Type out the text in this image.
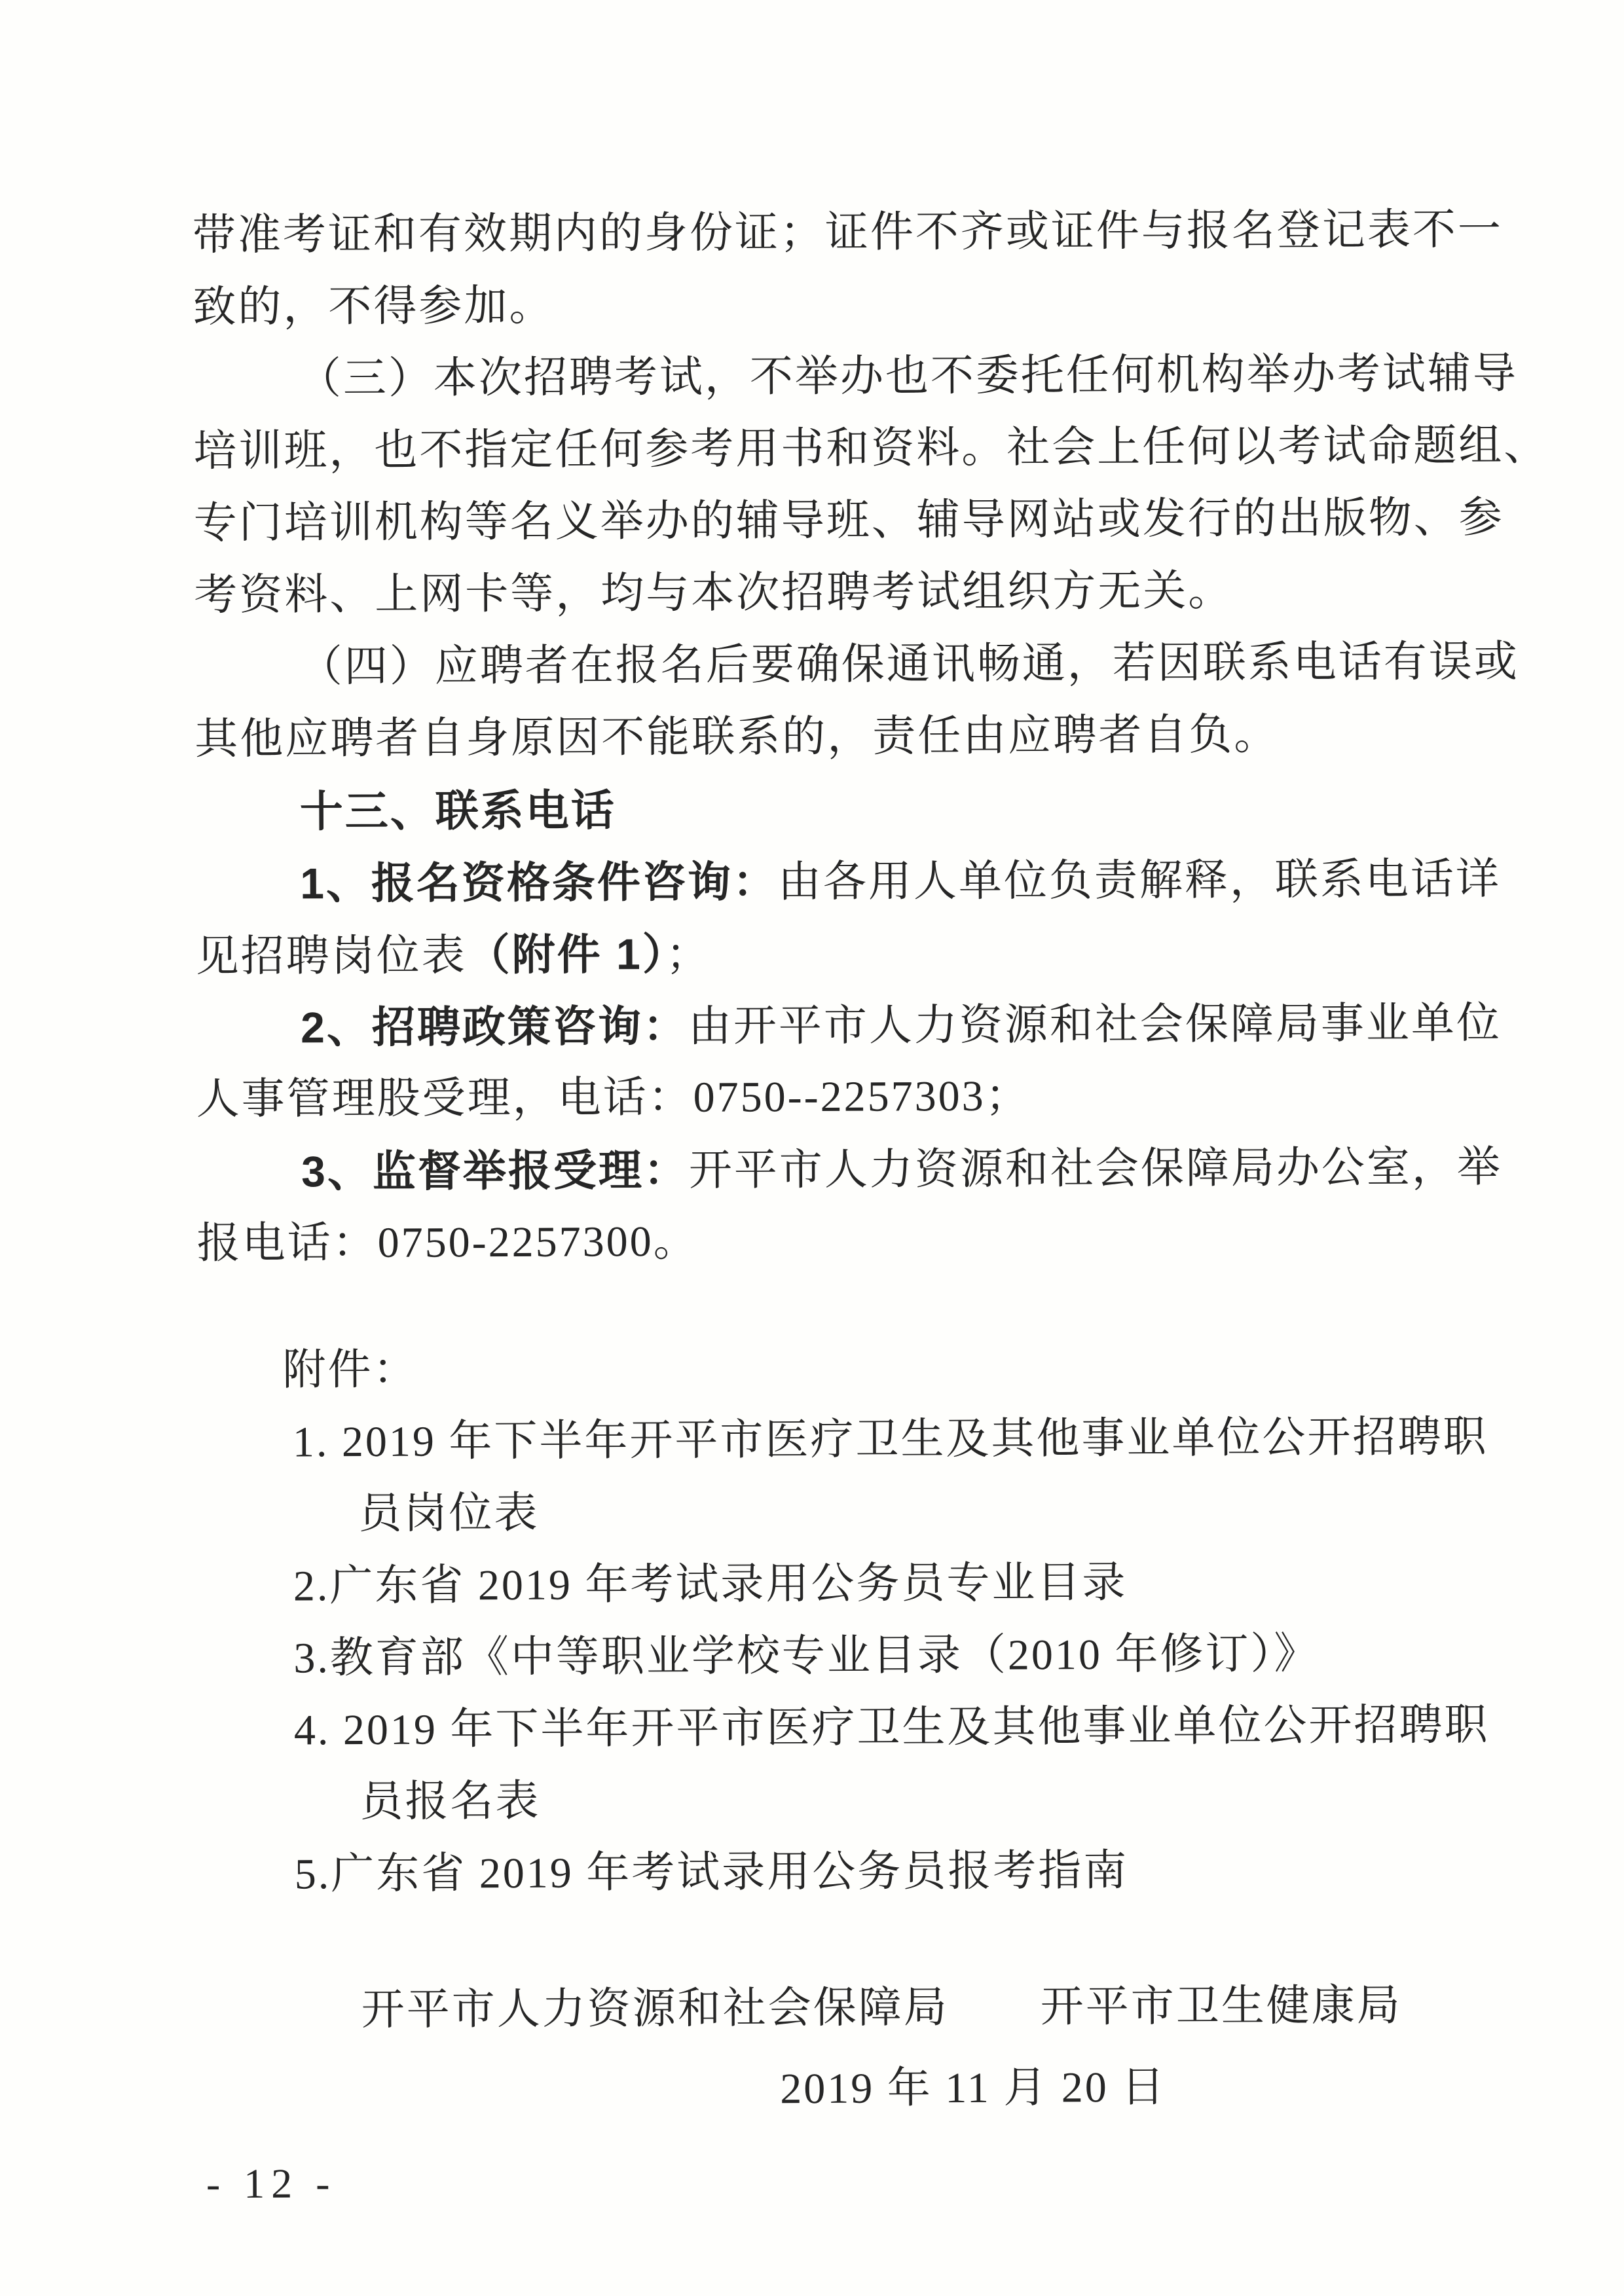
带准考证和有效期内的身份证；证件不齐或证件与报名登记表不一
致的，不得参加。
（三）本次招聘考试，不举办也不委托任何机构举办考试辅导
培训班，也不指定任何参考用书和资料。社会上任何以考试命题组、
专门培训机构等名义举办的辅导班、辅导网站或发行的出版物、参
考资料、上网卡等，均与本次招聘考试组织方无关。
（四）应聘者在报名后要确保通讯畅通，若因联系电话有误或
其他应聘者自身原因不能联系的，责任由应聘者自负。
十三、联系电话
1、报名资格条件咨询：由各用人单位负责解释，联系电话详
见招聘岗位表（附件 1）；
2、招聘政策咨询：由开平市人力资源和社会保障局事业单位
人事管理股受理，电话：0750--2257303；
3、监督举报受理：开平市人力资源和社会保障局办公室，举
报电话：0750-2257300。
附件：
1. 2019 年下半年开平市医疗卫生及其他事业单位公开招聘职
员岗位表
2.广东省 2019 年考试录用公务员专业目录
3.教育部《中等职业学校专业目录（2010 年修订）》
4. 2019 年下半年开平市医疗卫生及其他事业单位公开招聘职
员报名表
5.广东省 2019 年考试录用公务员报考指南
开平市人力资源和社会保障局 开平市卫生健康局
2019 年 11 月 20 日
- 12 -
